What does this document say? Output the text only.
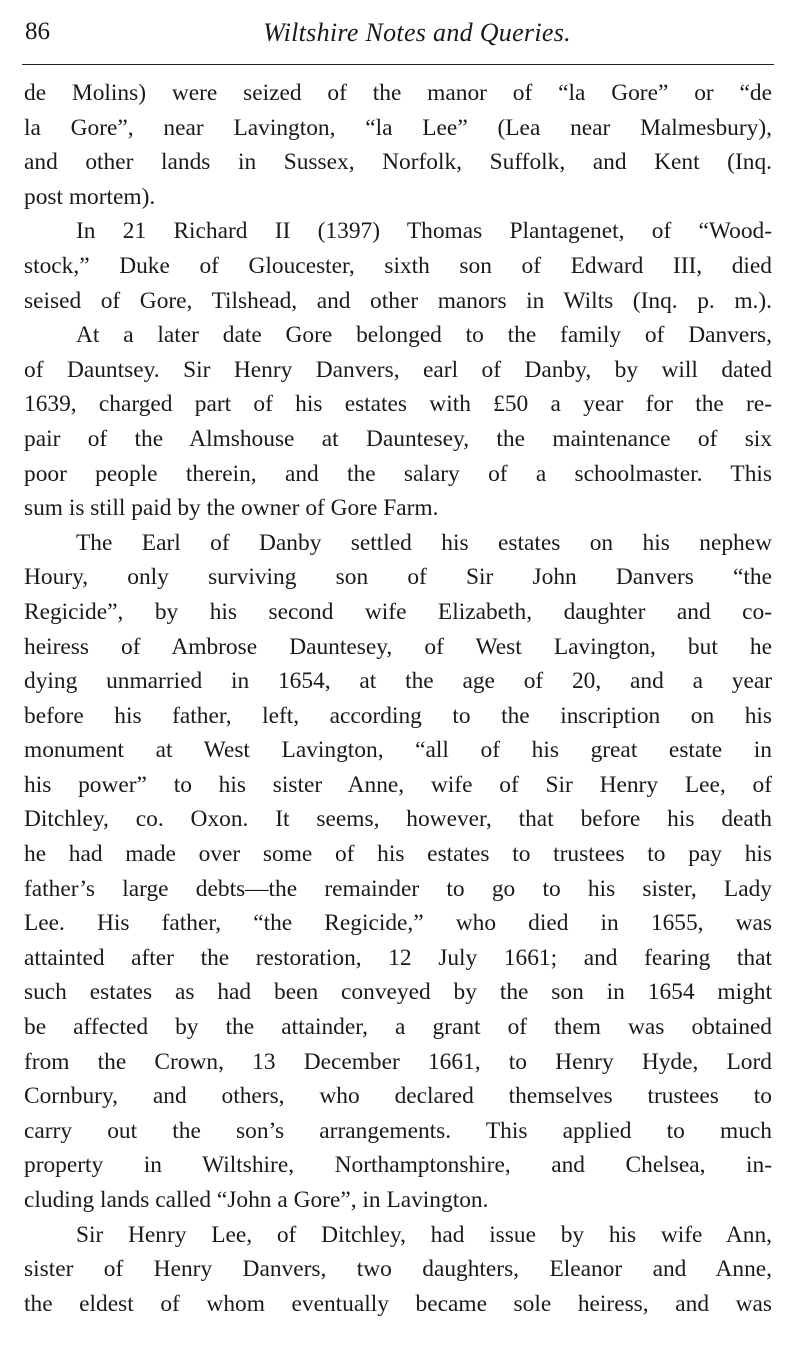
86	Wiltshire Notes and Queries.

de Molins) were seized of the manor of “la Gore” or “de
la Gore”, near Lavington, “la Lee” (Lea near Malmesbury),
and other lands in Sussex, Norfolk, Suffolk, and Kent (Inq.
post mortem).

In 21 Richard II (1397) Thomas Plantagenet, of “Wood-
stock,” Duke of Gloucester, sixth son of Edward III, died
seised of Gore, Tilshead, and other manors in Wilts (Inq. p. m.).

At a later date Gore belonged to the family of Danvers,
of Dauntsey. Sir Henry Danvers, earl of Danby, by will dated
1639, charged part of his estates with £50 a year for the re-
pair of the Almshouse at Dauntesey, the maintenance of six
poor people therein, and the salary of a schoolmaster. This
sum is still paid by the owner of Gore Farm.

The Earl of Danby settled his estates on his nephew
Houry, only surviving son of Sir John Danvers “the
Regicide”, by his second wife Elizabeth, daughter and co-
heiress of Ambrose Dauntesey, of West Lavington, but he
dying unmarried in 1654, at the age of 20, and a year
before his father, left, according to the inscription on his
monument at West Lavington, “all of his great estate in
his power” to his sister Anne, wife of Sir Henry Lee, of
Ditchley, co. Oxon. It seems, however, that before his death
he had made over some of his estates to trustees to pay his
father’s large debts—the remainder to go to his sister, Lady
Lee. His father, “the Regicide,” who died in 1655, was
attainted after the restoration, 12 July 1661; and fearing that
such estates as had been conveyed by the son in 1654 might
be affected by the attainder, a grant of them was obtained
from the Crown, 13 December 1661, to Henry Hyde, Lord
Cornbury, and others, who declared themselves trustees to
carry out the son’s arrangements. This applied to much
property in Wiltshire, Northamptonshire, and Chelsea, in-
cluding lands called “John a Gore”, in Lavington.

Sir Henry Lee, of Ditchley, had issue by his wife Ann,
sister of Henry Danvers, two daughters, Eleanor and Anne,
the eldest of whom eventually became sole heiress, and was
